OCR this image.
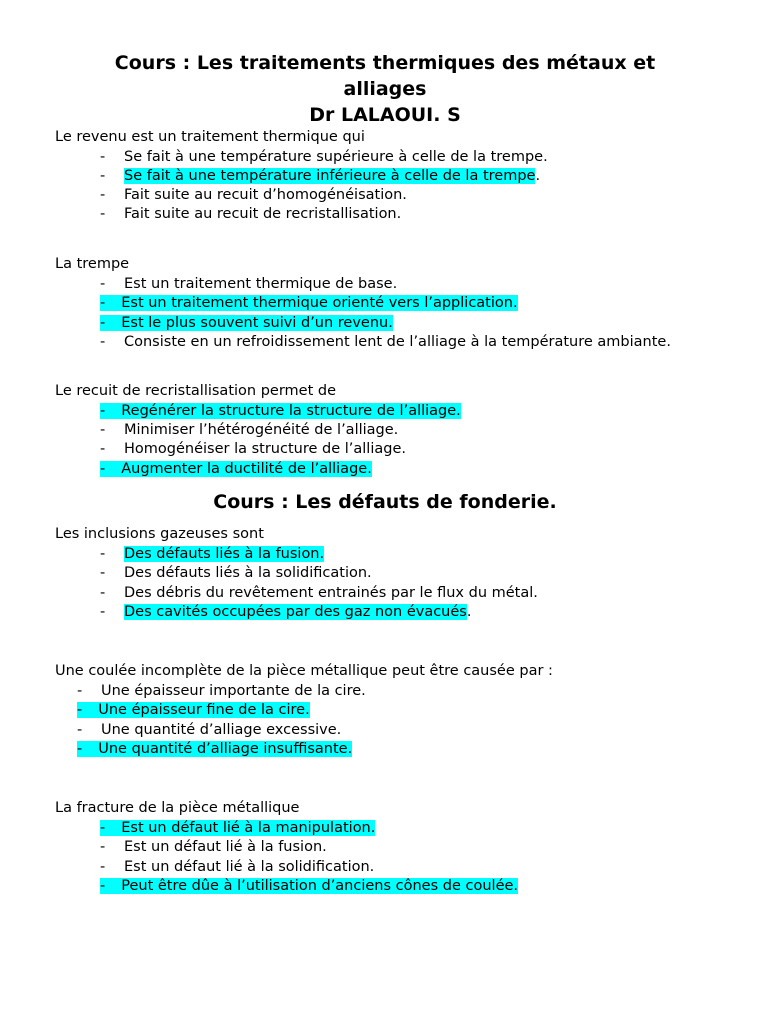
Cours : Les traitements thermiques des métaux et
alliages
Dr LALAOUI. S
Le revenu est un traitement thermique qui
- Se fait à une température supérieure à celle de la trempe.
- Se fait à une température inférieure à celle de la trempe.
- Fait suite au recuit d’homogénéisation.
- Fait suite au recuit de recristallisation.
La trempe
- Est un traitement thermique de base.
- Est un traitement thermique orienté vers l’application.
- Est le plus souvent suivi d’un revenu.
- Consiste en un refroidissement lent de l’alliage à la température ambiante.
Le recuit de recristallisation permet de
- Regénérer la structure la structure de l’alliage.
- Minimiser l’hétérogénéité de l’alliage.
- Homogénéiser la structure de l’alliage.
- Augmenter la ductilité de l’alliage.
Cours : Les défauts de fonderie.
Les inclusions gazeuses sont
- Des défauts liés à la fusion.
- Des défauts liés à la solidification.
- Des débris du revêtement entrainés par le flux du métal.
- Des cavités occupées par des gaz non évacués.
Une coulée incomplète de la pièce métallique peut être causée par :
- Une épaisseur importante de la cire.
- Une épaisseur fine de la cire.
- Une quantité d’alliage excessive.
- Une quantité d’alliage insuffisante.
La fracture de la pièce métallique
- Est un défaut lié à la manipulation.
- Est un défaut lié à la fusion.
- Est un défaut lié à la solidification.
- Peut être dûe à l’utilisation d’anciens cônes de coulée.
